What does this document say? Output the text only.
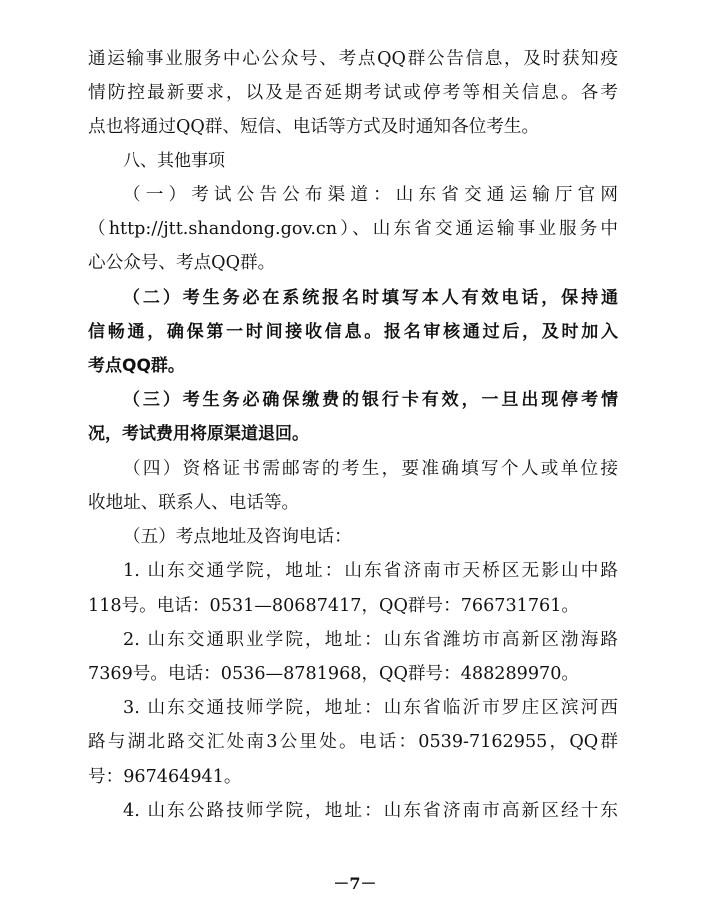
通运输事业服务中心公众号、考点QQ群公告信息，及时获知疫
情防控最新要求，以及是否延期考试或停考等相关信息。各考
点也将通过QQ群、短信、电话等方式及时通知各位考生。
八、其他事项
（一）考试公告公布渠道：山东省交通运输厅官网
（http://jtt.shandong.gov.cn）、山东省交通运输事业服务中
心公众号、考点QQ群。
（二）考生务必在系统报名时填写本人有效电话，保持通
信畅通，确保第一时间接收信息。报名审核通过后，及时加入
考点QQ群。
（三）考生务必确保缴费的银行卡有效，一旦出现停考情
况，考试费用将原渠道退回。
（四）资格证书需邮寄的考生，要准确填写个人或单位接
收地址、联系人、电话等。
（五）考点地址及咨询电话：
1. 山东交通学院，地址：山东省济南市天桥区无影山中路
118号。电话：0531—80687417，QQ群号：766731761。
2. 山东交通职业学院，地址：山东省潍坊市高新区渤海路
7369号。电话：0536—8781968，QQ群号：488289970。
3. 山东交通技师学院，地址：山东省临沂市罗庄区滨河西
路与湖北路交汇处南3公里处。电话：0539-7162955，QQ群
号：967464941。
4. 山东公路技师学院，地址：山东省济南市高新区经十东
－7－
